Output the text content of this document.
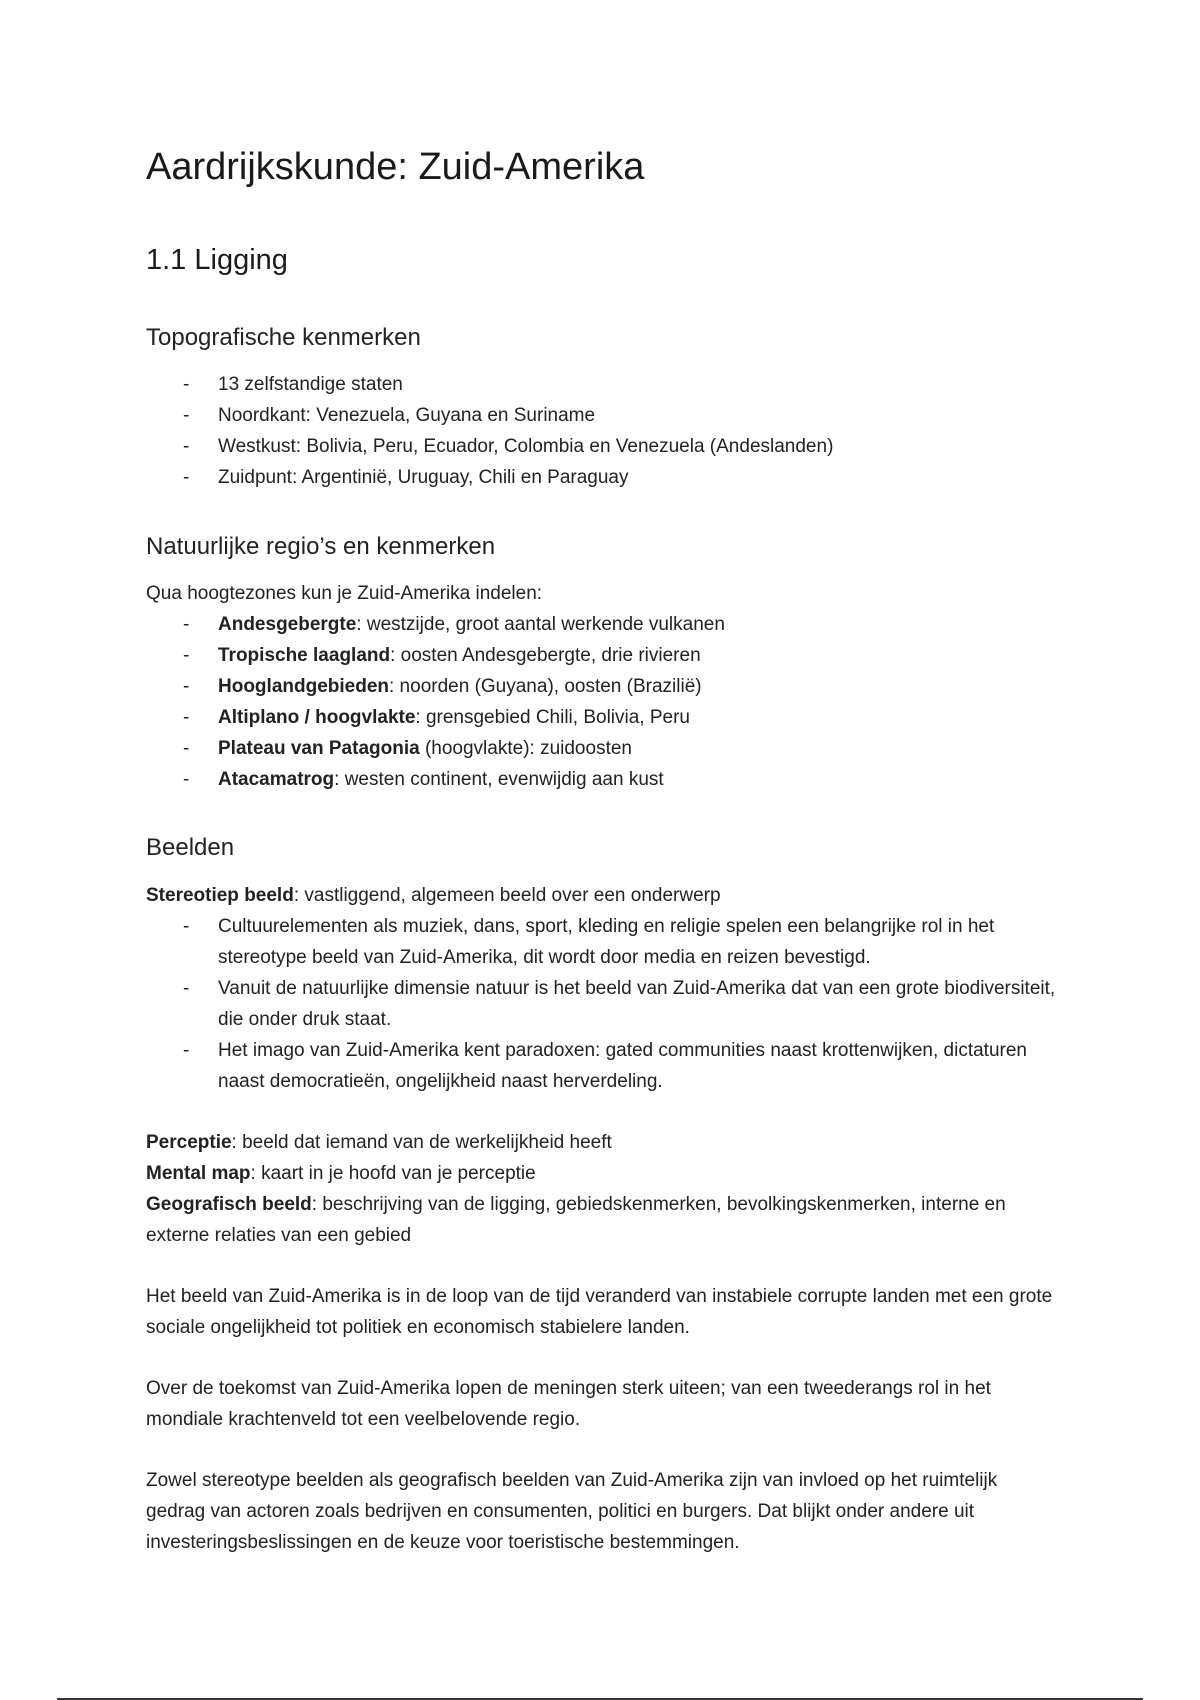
Aardrijkskunde: Zuid-Amerika
1.1 Ligging
Topografische kenmerken
- 13 zelfstandige staten
- Noordkant: Venezuela, Guyana en Suriname
- Westkust: Bolivia, Peru, Ecuador, Colombia en Venezuela (Andeslanden)
- Zuidpunt: Argentinië, Uruguay, Chili en Paraguay
Natuurlijke regio’s en kenmerken

Qua hoogtezones kun je Zuid-Amerika indelen:

- Andesgebergte: westzijde, groot aantal werkende vulkanen
- Tropische laagland: oosten Andesgebergte, drie rivieren
- Hooglandgebieden: noorden (Guyana), oosten (Brazilië)
- Altiplano / hoogvlakte: grensgebied Chili, Bolivia, Peru
- Plateau van Patagonia (hoogvlakte): zuidoosten
- Atacamatrog: westen continent, evenwijdig aan kust
Beelden

Stereotiep beeld: vastliggend, algemeen beeld over een onderwerp

- Cultuurelementen als muziek, dans, sport, kleding en religie spelen een belangrijke rol in het stereotype beeld van Zuid-Amerika, dit wordt door media en reizen bevestigd.
- Vanuit de natuurlijke dimensie natuur is het beeld van Zuid-Amerika dat van een grote biodiversiteit, die onder druk staat.
- Het imago van Zuid-Amerika kent paradoxen: gated communities naast krottenwijken, dictaturen naast democratieën, ongelijkheid naast herverdeling.

Perceptie: beeld dat iemand van de werkelijkheid heeft

Mental map: kaart in je hoofd van je perceptie

Geografisch beeld: beschrijving van de ligging, gebiedskenmerken, bevolkingskenmerken, interne en externe relaties van een gebied

Het beeld van Zuid-Amerika is in de loop van de tijd veranderd van instabiele corrupte landen met een grote sociale ongelijkheid tot politiek en economisch stabielere landen.

Over de toekomst van Zuid-Amerika lopen de meningen sterk uiteen; van een tweederangs rol in het mondiale krachtenveld tot een veelbelovende regio.

Zowel stereotype beelden als geografisch beelden van Zuid-Amerika zijn van invloed op het ruimtelijk gedrag van actoren zoals bedrijven en consumenten, politici en burgers. Dat blijkt onder andere uit investeringsbeslissingen en de keuze voor toeristische bestemmingen.
